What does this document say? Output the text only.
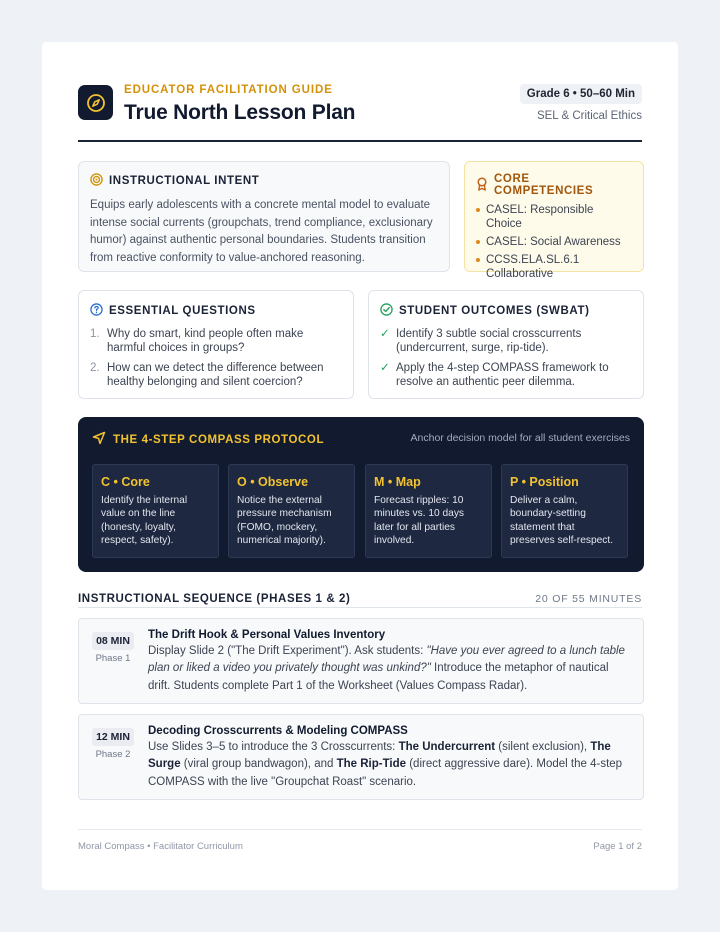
EDUCATOR FACILITATION GUIDE
True North Lesson Plan
Grade 6 • 50–60 Min
SEL & Critical Ethics
INSTRUCTIONAL INTENT

Equips early adolescents with a concrete mental model to evaluate intense social currents (groupchats, trend compliance, exclusionary humor) against authentic personal boundaries. Students transition from reactive conformity to value-anchored reasoning.

CORE COMPETENCIES
CASEL: Responsible Choice
CASEL: Social Awareness
CCSS.ELA.SL.6.1 Collaborative
ESSENTIAL QUESTIONS
1. Why do smart, kind people often make harmful choices in groups?
2. How can we detect the difference between healthy belonging and silent coercion?
STUDENT OUTCOMES (SWBAT)
✓ Identify 3 subtle social crosscurrents (undercurrent, surge, rip-tide).
✓ Apply the 4-step COMPASS framework to resolve an authentic peer dilemma.
THE 4-STEP COMPASS PROTOCOL	Anchor decision model for all student exercises
C • Core

Identify the internal value on the line (honesty, loyalty, respect, safety).

O • Observe

Notice the external pressure mechanism (FOMO, mockery, numerical majority).

M • Map

Forecast ripples: 10 minutes vs. 10 days later for all parties involved.

P • Position

Deliver a calm, boundary-setting statement that preserves self-respect.

INSTRUCTIONAL SEQUENCE (PHASES 1 & 2)	20 OF 55 MINUTES
08 MIN
Phase 1
The Drift Hook & Personal Values Inventory

Display Slide 2 ("The Drift Experiment"). Ask students: "Have you ever agreed to a lunch table plan or liked a video you privately thought was unkind?" Introduce the metaphor of nautical drift. Students complete Part 1 of the Worksheet (Values Compass Radar).

12 MIN
Phase 2
Decoding Crosscurrents & Modeling COMPASS

Use Slides 3–5 to introduce the 3 Crosscurrents: The Undercurrent (silent exclusion), The Surge (viral group bandwagon), and The Rip-Tide (direct aggressive dare). Model the 4-step COMPASS with the live "Groupchat Roast" scenario.

Moral Compass • Facilitator Curriculum	Page 1 of 2
